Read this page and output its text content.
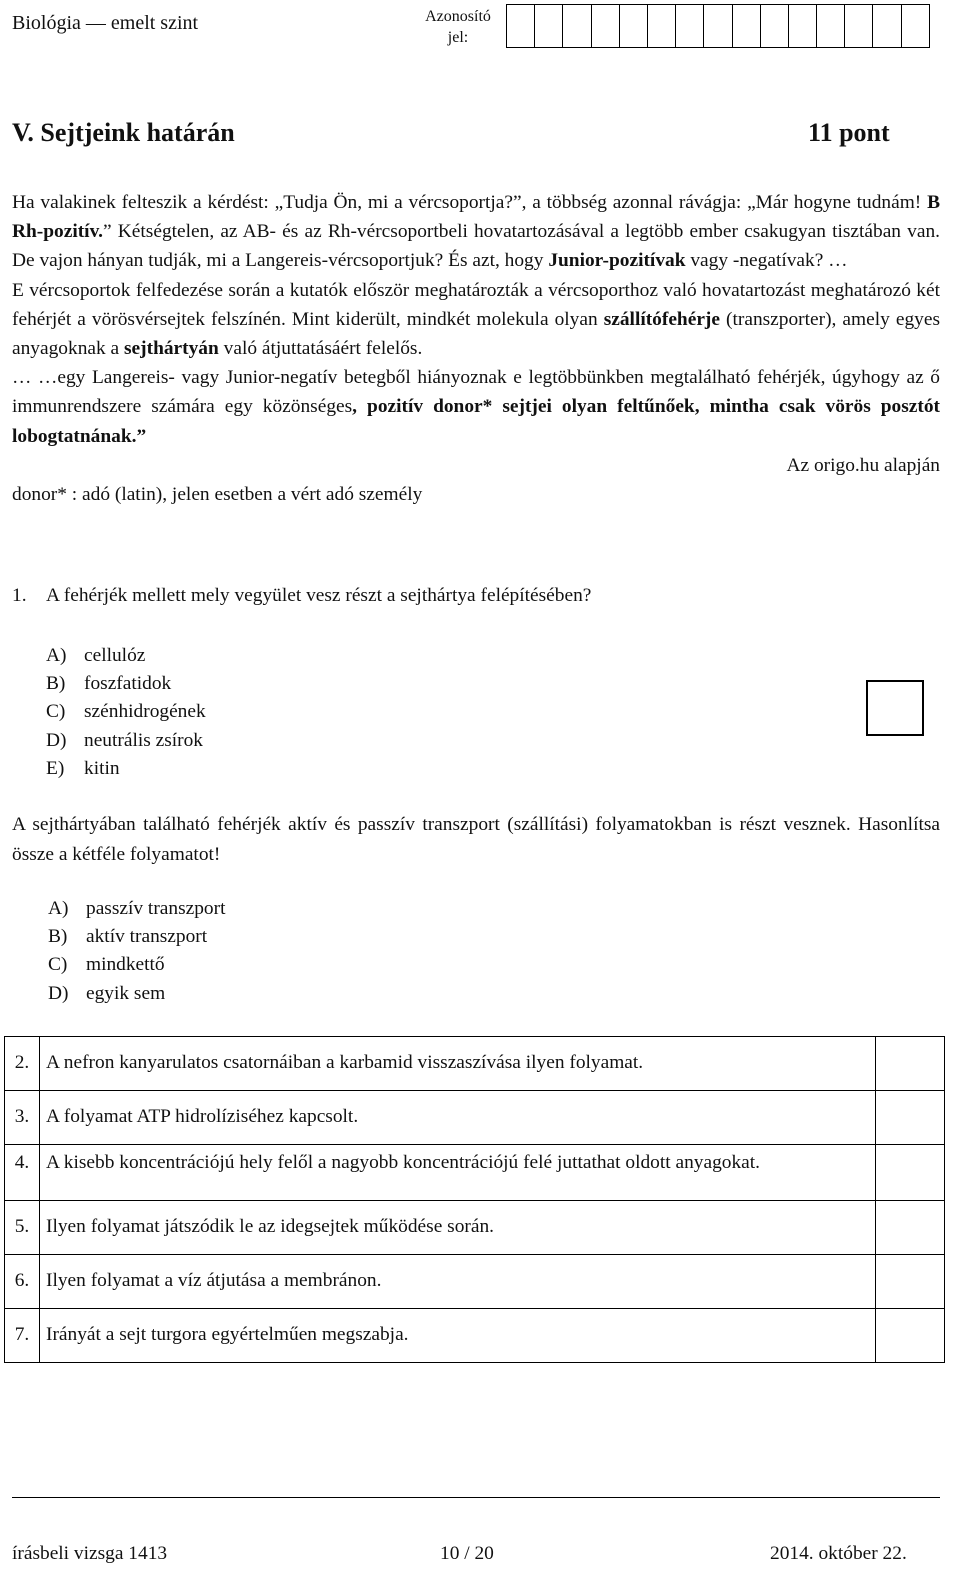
Biológia — emelt szint	Azonosító jel:
V. Sejtjeink határán	11 pont

Ha valakinek felteszik a kérdést: „Tudja Ön, mi a vércsoportja?”, a többség azonnal rávágja: „Már hogyne tudnám! B Rh-pozitív.” Kétségtelen, az AB- és az Rh-vércsoportbeli hovatartozásával a legtöbb ember csakugyan tisztában van. De vajon hányan tudják, mi a Langereis-vércsoportjuk? És azt, hogy Junior-pozitívak vagy -negatívak? …

E vércsoportok felfedezése során a kutatók először meghatározták a vércsoporthoz való hovatartozást meghatározó két fehérjét a vörösvérsejtek felszínén. Mint kiderült, mindkét molekula olyan szállítófehérje (transzporter), amely egyes anyagoknak a sejthártyán való átjuttatásáért felelős.

… …egy Langereis- vagy Junior-negatív betegből hiányoznak e legtöbbünkben megtalálható fehérjék, úgyhogy az ő immunrendszere számára egy közönséges, pozitív donor* sejtjei olyan feltűnőek, mintha csak vörös posztót lobogtatnának.”

Az origo.hu alapján

donor* : adó (latin), jelen esetben a vért adó személy

1. A fehérjék mellett mely vegyület vesz részt a sejthártya felépítésében?
A) cellulóz
B) foszfatidok
C) szénhidrogének
D) neutrális zsírok
E) kitin
A sejthártyában található fehérjék aktív és passzív transzport (szállítási) folyamatokban is részt vesznek. Hasonlítsa össze a kétféle folyamatot!
A) passzív transzport
B) aktív transzport
C) mindkettő
D) egyik sem
2.	A nefron kanyarulatos csatornáiban a karbamid visszaszívása ilyen folyamat.	

3.	A folyamat ATP hidrolíziséhez kapcsolt.	

4.	A kisebb koncentrációjú hely felől a nagyobb koncentrációjú felé juttathat oldott anyagokat.	

5.	Ilyen folyamat játszódik le az idegsejtek működése során.	

6.	Ilyen folyamat a víz átjutása a membránon.	

7.	Irányát a sejt turgora egyértelműen megszabja.	

írásbeli vizsga 1413	10 / 20	2014. október 22.
